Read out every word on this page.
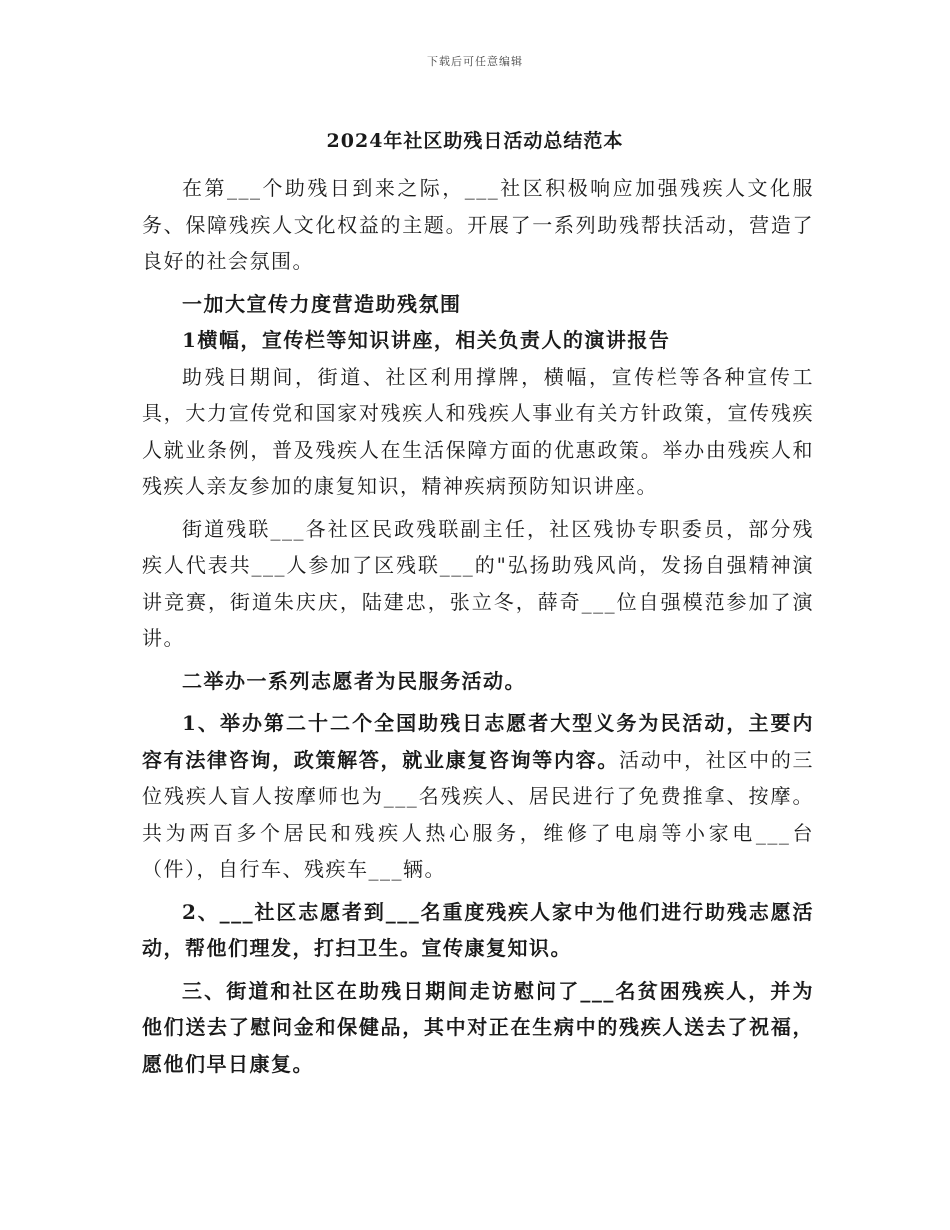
下载后可任意编辑
2024年社区助残日活动总结范本

在第___个助残日到来之际，___社区积极响应加强残疾人文化服务、保障残疾人文化权益的主题。开展了一系列助残帮扶活动，营造了良好的社会氛围。

一加大宣传力度营造助残氛围

1横幅，宣传栏等知识讲座，相关负责人的演讲报告

助残日期间，街道、社区利用撑牌，横幅，宣传栏等各种宣传工具，大力宣传党和国家对残疾人和残疾人事业有关方针政策，宣传残疾人就业条例，普及残疾人在生活保障方面的优惠政策。举办由残疾人和残疾人亲友参加的康复知识，精神疾病预防知识讲座。

街道残联___各社区民政残联副主任，社区残协专职委员，部分残疾人代表共___人参加了区残联___的"弘扬助残风尚，发扬自强精神演讲竞赛，街道朱庆庆，陆建忠，张立冬，薛奇___位自强模范参加了演讲。

二举办一系列志愿者为民服务活动。

1、举办第二十二个全国助残日志愿者大型义务为民活动，主要内容有法律咨询，政策解答，就业康复咨询等内容。活动中，社区中的三位残疾人盲人按摩师也为___名残疾人、居民进行了免费推拿、按摩。共为两百多个居民和残疾人热心服务，维修了电扇等小家电___台（件），自行车、残疾车___辆。

2、___社区志愿者到___名重度残疾人家中为他们进行助残志愿活动，帮他们理发，打扫卫生。宣传康复知识。

三、街道和社区在助残日期间走访慰问了___名贫困残疾人，并为他们送去了慰问金和保健品，其中对正在生病中的残疾人送去了祝福，愿他们早日康复。
